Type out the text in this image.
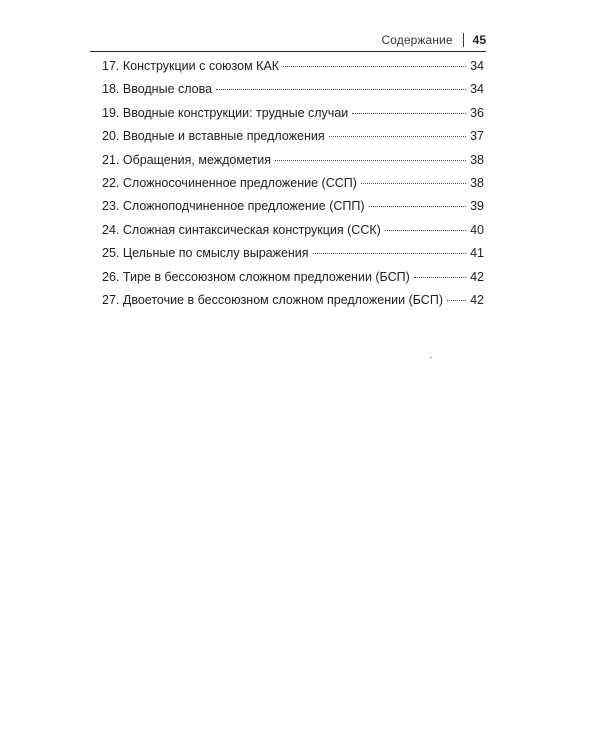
Содержание 45
17. Конструкции с союзом КАК	34
18. Вводные слова	34
19. Вводные конструкции: трудные случаи	36
20. Вводные и вставные предложения	37
21. Обращения, междометия	38
22. Сложносочиненное предложение (ССП)	38
23. Сложноподчиненное предложение (СПП)	39
24. Сложная синтаксическая конструкция (ССК)	40
25. Цельные по смыслу выражения	41
26. Тире в бессоюзном сложном предложении (БСП)	42
27. Двоеточие в бессоюзном сложном предложении (БСП) 42
